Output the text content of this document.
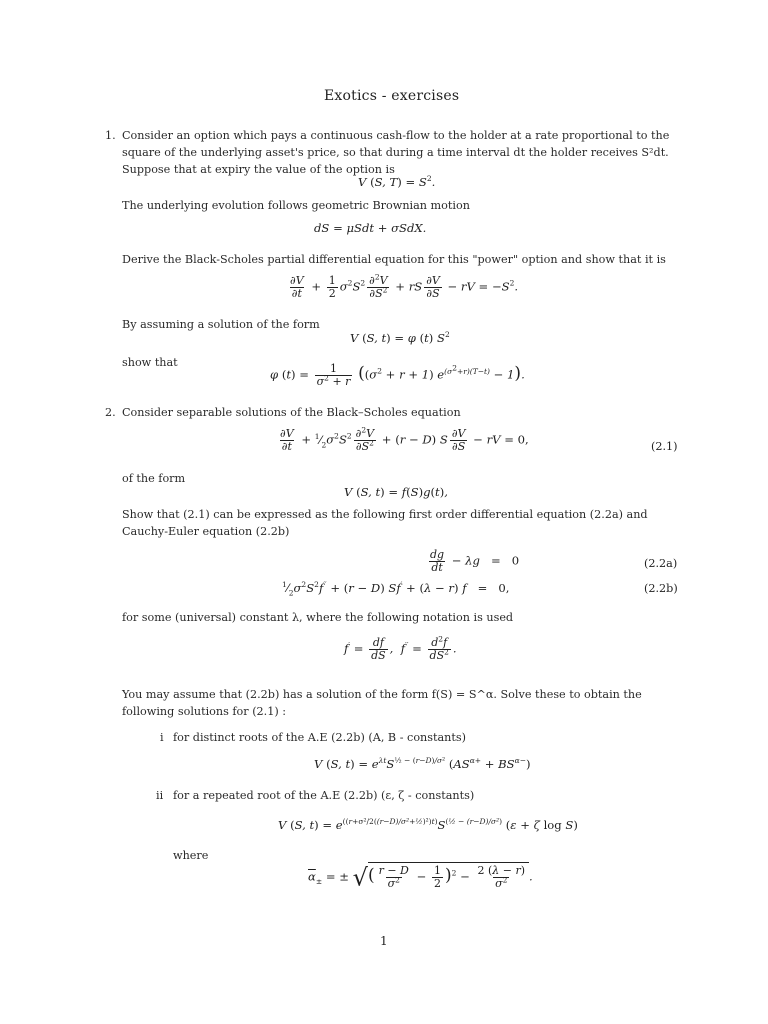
Exotics - exercises
1. Consider an option which pays a continuous cash-flow to the holder at a rate proportional to the square of the underlying asset's price, so that during a time interval dt the holder receives S²dt. Suppose that at expiry the value of the option is
V (S, $T) = S^2$.
The underlying evolution follows geometric Brownian motion
dS = μSdt + σSdX.
Derive the Black-Scholes partial differential equation for this "power" option and show that it is
$\frac{\partial V}{\partial t} + \frac{1}{2} \sigma^2S^2 \frac{\partial^2V}{\partial S^2}$ + rS $\frac{\partial V}{\partial S}$ − rV = $-S^2$.
By assuming a solution of the form
V (S, t) = φ (t) $S^2$
show that
φ $(t) = \frac{1}{\sigma^2 + r} ((\sigma^2 + r + 1) e^{(\sigma^2+r)(T-t)} - 1)$.
2. Consider separable solutions of the Black–Scholes equation
$\frac{\partial V}{\partial t}$ + $^1⁄_2\sigma^2S^2 \frac{\partial^2V}{\partial S^2} + (r - D)$ S $\frac{\partial V}{\partial S}$ − rV = 0,	(2.1)
of the form
V (S, t) = f(S)g(t),
Show that (2.1) can be expressed as the following first order differential equation (2.2a) and Cauchy-Euler equation (2.2b)
$\frac{dg}{dt} - \lambda g = 0$	(2.2a)
$^1⁄_2\sigma^2S^2f'' + (r - D) Sf' + (\lambda - r) f = 0$,	(2.2b)
for some (universal) constant λ, where the following notation is used
$f' = \frac{df}{dS}$ ,  $f'' = \frac{d^2f}{dS^2}$ .
You may assume that (2.2b) has a solution of the form f(S) = S^α. Solve these to obtain the following solutions for (2.1) :
i for distinct roots of the A.E (2.2b) (A, B - constants)
V (S, $t) = e^{\lambda t}S^{\frac{1}{2} - (r-D)/\sigma^2}$ $(AS^{\alpha+} + BS^{\alpha-})$
ii for a repeated root of the A.E (2.2b) (ε, ζ - constants)
V (S, $t) = e^{((r+\sigma^2/2((r-D)/\sigma^2+\frac{1}{2})^2)t)}S^{(\frac{1}{2} - (r-D)/\sigma^2)}$ (ε + ζ log S)
where
$\overline{\alpha}_\pm$ = ± √( $\frac{r - D}{\sigma^2} - \frac{1}{2} )^2 - \frac{2 (\lambda - r)}{\sigma^2}$ .
1
